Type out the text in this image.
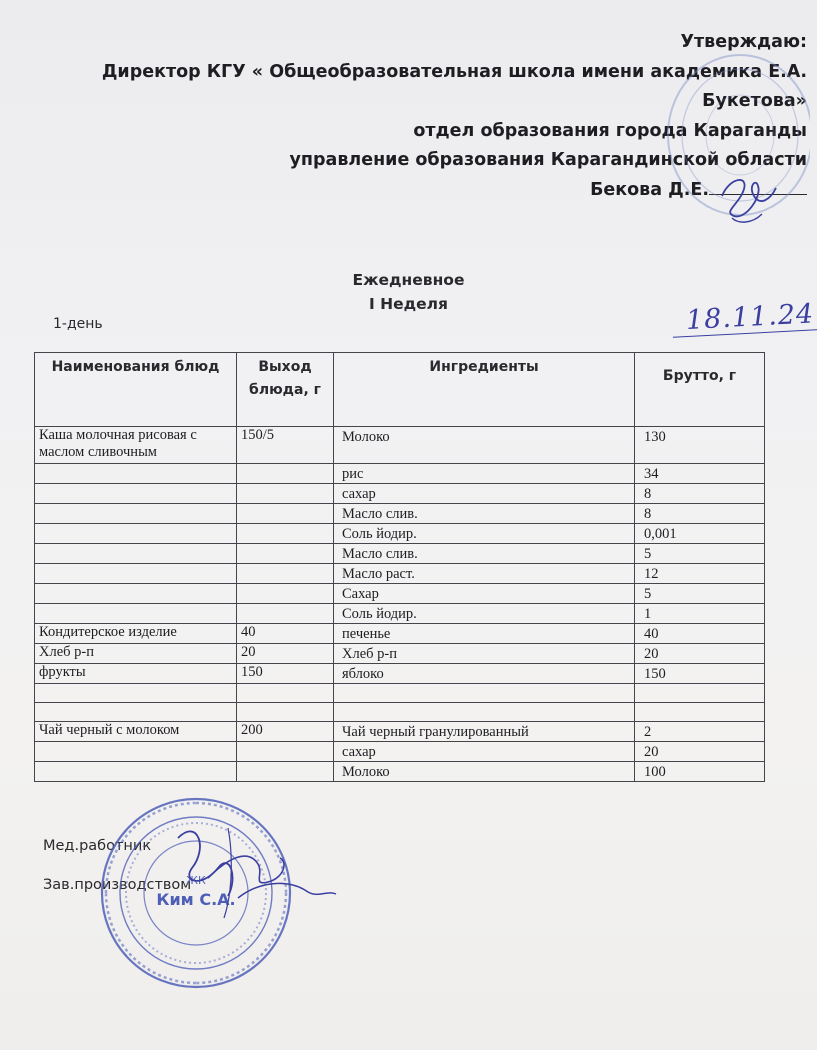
Утверждаю:
Директор КГУ « Общеобразовательная школа имени академика Е.А.
Букетова»
отдел образования города Караганды
управление образования Карагандинской области
Бекова Д.Е.
Ежедневное
I Неделя
1-день	18.11.24
Наименования блюд	Выход блюда, г	Ингредиенты	Брутто, г
Каша молочная рисовая с маслом сливочным	150/5	Молоко	130
		рис	34
		сахар	8
		Масло слив.	8
		Соль йодир.	0,001
		Масло слив.	5
		Масло раст.	12
		Сахар	5
		Соль йодир.	1
Кондитерское изделие	40	печенье	40
Хлеб р-п	20	Хлеб р-п	20
фрукты	150	яблоко	150

Чай черный с молоком	200	Чай черный гранулированный	2
		сахар	20
		Молоко	100
Мед.работник
Зав.производством
ЖК
Ким С.А.
